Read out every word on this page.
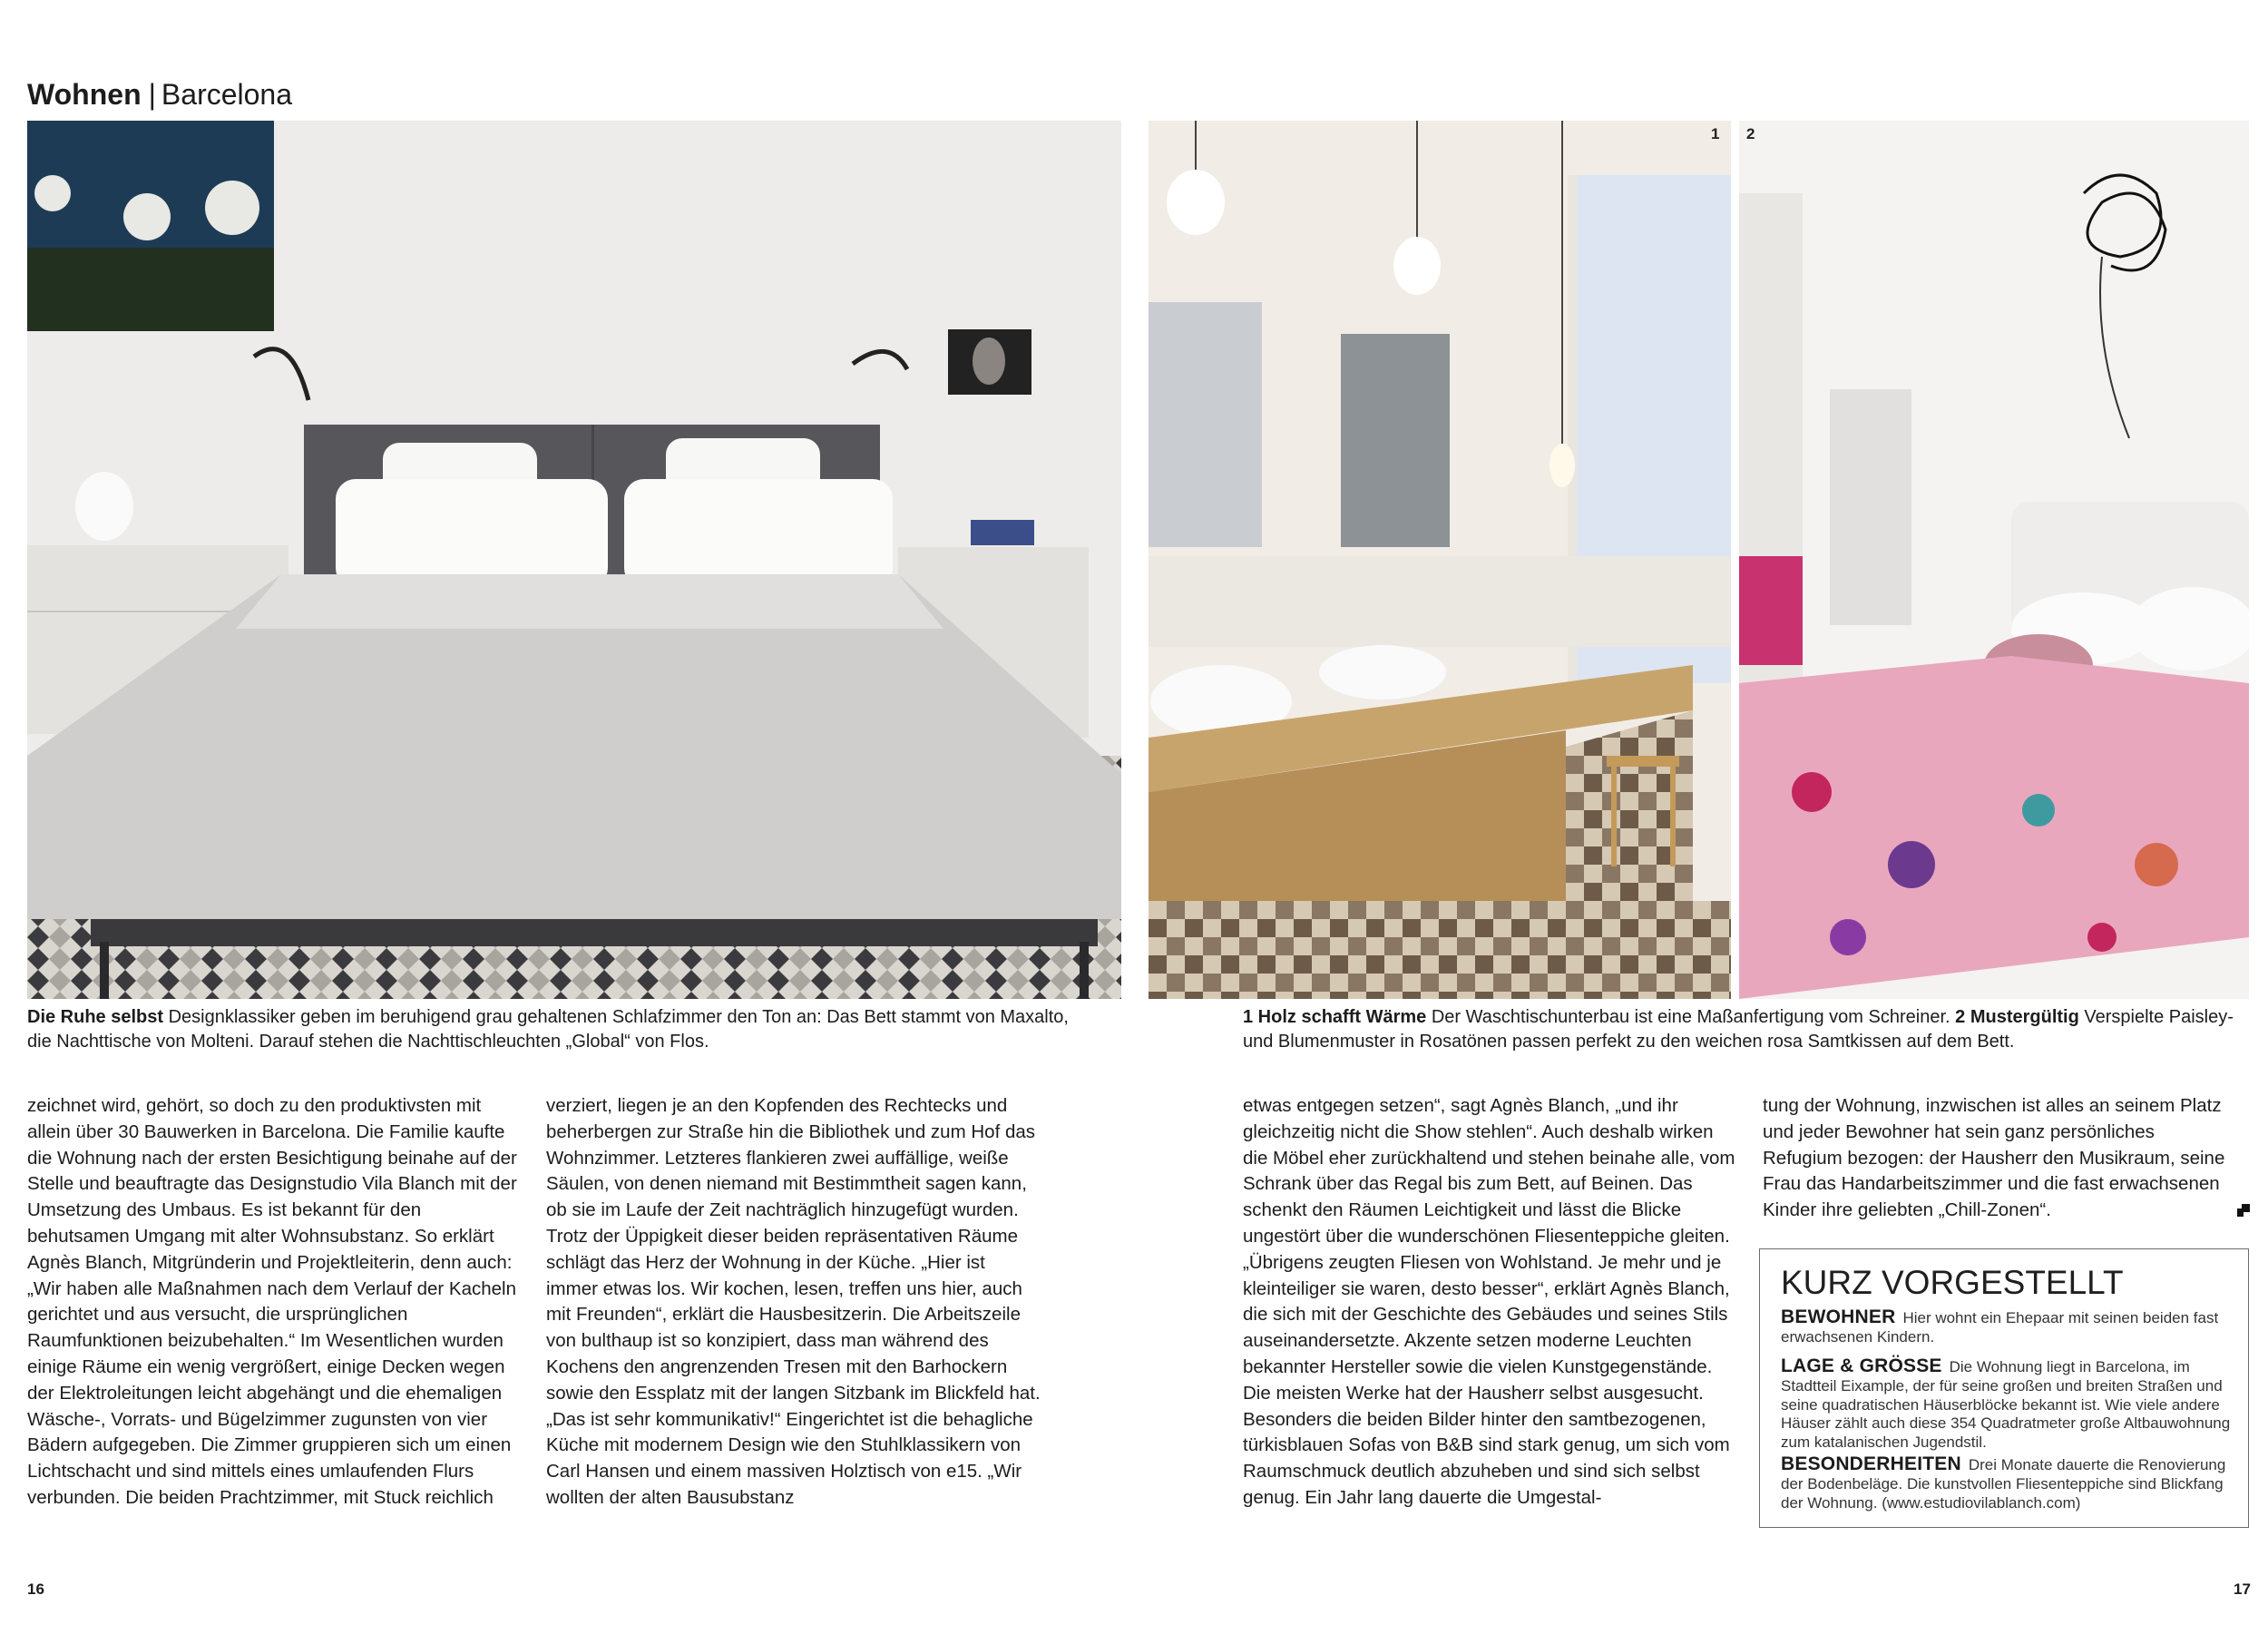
Wohnen | Barcelona
1 2
Die Ruhe selbst Designklassiker geben im beruhigend grau gehaltenen Schlafzimmer den Ton an: Das Bett stammt von Maxalto, die Nachttische von Molteni. Darauf stehen die Nachttischleuchten „Global“ von Flos.
1 Holz schafft Wärme Der Waschtischunterbau ist eine Maßanfertigung vom Schreiner. 2 Mustergültig Verspielte Paisley- und Blumenmuster in Rosatönen passen perfekt zu den weichen rosa Samtkissen auf dem Bett.

zeichnet wird, gehört, so doch zu den produktivsten mit allein über 30 Bauwerken in Barcelona. Die Familie kaufte die Wohnung nach der ersten Besichtigung beinahe auf der Stelle und beauftragte das Designstudio Vila Blanch mit der Umsetzung des Umbaus. Es ist bekannt für den behutsamen Umgang mit alter Wohnsubstanz. So erklärt Agnès Blanch, Mitgründerin und Projektleiterin, denn auch: „Wir haben alle Maßnahmen nach dem Verlauf der Kacheln gerichtet und aus versucht, die ursprünglichen Raumfunktionen beizubehalten.“ Im Wesentlichen wurden einige Räume ein wenig vergrößert, einige Decken wegen der Elektroleitungen leicht abgehängt und die ehemaligen Wäsche-, Vorrats- und Bügelzimmer zugunsten von vier Bädern aufgegeben. Die Zimmer gruppieren sich um einen Lichtschacht und sind mittels eines umlaufenden Flurs verbunden. Die beiden Prachtzimmer, mit Stuck reichlich

verziert, liegen je an den Kopfenden des Rechtecks und beherbergen zur Straße hin die Bibliothek und zum Hof das Wohnzimmer. Letzteres flankieren zwei auffällige, weiße Säulen, von denen niemand mit Bestimmtheit sagen kann, ob sie im Laufe der Zeit nachträglich hinzugefügt wurden. Trotz der Üppigkeit dieser beiden repräsentativen Räume schlägt das Herz der Wohnung in der Küche. „Hier ist immer etwas los. Wir kochen, lesen, treffen uns hier, auch mit Freunden“, erklärt die Hausbesitzerin. Die Arbeitszeile von bulthaup ist so konzipiert, dass man während des Kochens den angrenzenden Tresen mit den Barhockern sowie den Essplatz mit der langen Sitzbank im Blickfeld hat. „Das ist sehr kommunikativ!“ Eingerichtet ist die behagliche Küche mit modernem Design wie den Stuhlklassikern von Carl Hansen und einem massiven Holztisch von e15. „Wir wollten der alten Bausubstanz

etwas entgegen setzen“, sagt Agnès Blanch, „und ihr gleichzeitig nicht die Show stehlen“. Auch deshalb wirken die Möbel eher zurückhaltend und stehen beinahe alle, vom Schrank über das Regal bis zum Bett, auf Beinen. Das schenkt den Räumen Leichtigkeit und lässt die Blicke ungestört über die wunderschönen Fliesenteppiche gleiten. „Übrigens zeugten Fliesen von Wohlstand. Je mehr und je kleinteiliger sie waren, desto besser“, erklärt Agnès Blanch, die sich mit der Geschichte des Gebäudes und seines Stils auseinandersetzte. Akzente setzen moderne Leuchten bekannter Hersteller sowie die vielen Kunstgegenstände. Die meisten Werke hat der Hausherr selbst ausgesucht. Besonders die beiden Bilder hinter den samtbezogenen, türkisblauen Sofas von B&B sind stark genug, um sich vom Raumschmuck deutlich abzuheben und sind sich selbst genug. Ein Jahr lang dauerte die Umgestal-

tung der Wohnung, inzwischen ist alles an seinem Platz und jeder Bewohner hat sein ganz persönliches Refugium bezogen: der Hausherr den Musikraum, seine Frau das Handarbeitszimmer und die fast erwachsenen Kinder ihre geliebten „Chill-Zonen“.

KURZ VORGESTELLT
BEWOHNER Hier wohnt ein Ehepaar mit seinen beiden fast erwachsenen Kindern.
LAGE & GRÖSSE Die Wohnung liegt in Barcelona, im Stadtteil Eixample, der für seine großen und breiten Straßen und seine quadratischen Häuserblöcke bekannt ist. Wie viele andere Häuser zählt auch diese 354 Quadratmeter große Altbauwohnung zum katalanischen Jugendstil.
BESONDERHEITEN Drei Monate dauerte die Renovierung der Bodenbeläge. Die kunstvollen Fliesenteppiche sind Blickfang der Wohnung. (www.estudiovilablanch.com)
16	17
